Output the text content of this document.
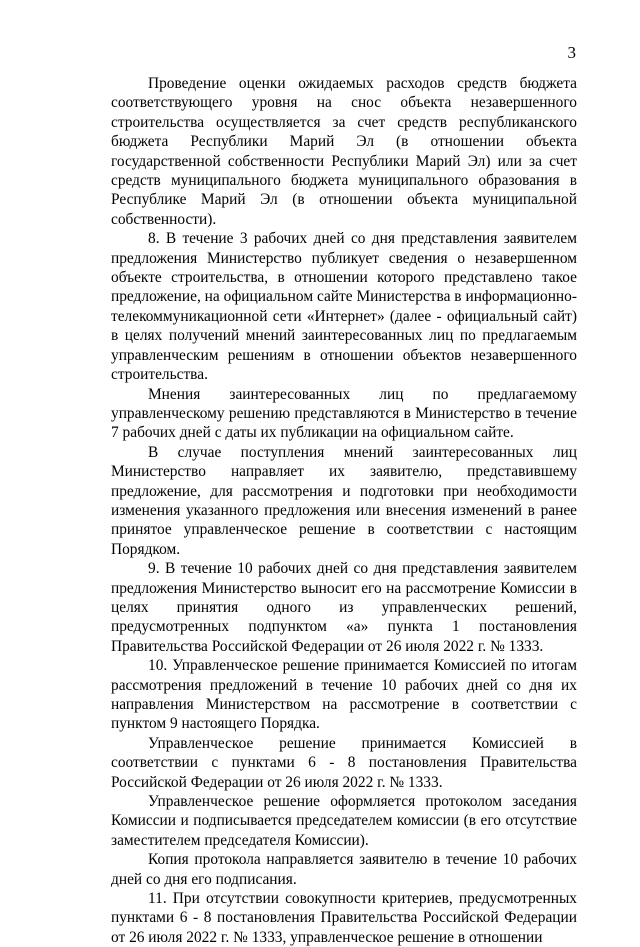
3

Проведение оценки ожидаемых расходов средств бюджета соответствующего уровня на снос объекта незавершенного строительства осуществляется за счет средств республиканского бюджета Республики Марий Эл (в отношении объекта государственной собственности Республики Марий Эл) или за счет средств муниципального бюджета муниципального образования в Республике Марий Эл (в отношении объекта муниципальной собственности).

8. В течение 3 рабочих дней со дня представления заявителем предложения Министерство публикует сведения о незавершенном объекте строительства, в отношении которого представлено такое предложение, на официальном сайте Министерства в информационно-телекоммуникационной сети «Интернет» (далее - официальный сайт) в целях получений мнений заинтересованных лиц по предлагаемым управленческим решениям в отношении объектов незавершенного строительства.

Мнения заинтересованных лиц по предлагаемому управленческому решению представляются в Министерство в течение 7 рабочих дней с даты их публикации на официальном сайте.

В случае поступления мнений заинтересованных лиц Министерство направляет их заявителю, представившему предложение, для рассмотрения и подготовки при необходимости изменения указанного предложения или внесения изменений в ранее принятое управленческое решение в соответствии с настоящим Порядком.

9. В течение 10 рабочих дней со дня представления заявителем предложения Министерство выносит его на рассмотрение Комиссии в целях принятия одного из управленческих решений, предусмотренных подпунктом «а» пункта 1 постановления Правительства Российской Федерации от 26 июля 2022 г. № 1333.

10. Управленческое решение принимается Комиссией по итогам рассмотрения предложений в течение 10 рабочих дней со дня их направления Министерством на рассмотрение в соответствии с пунктом 9 настоящего Порядка.

Управленческое решение принимается Комиссией в соответствии с пунктами 6 - 8 постановления Правительства Российской Федерации от 26 июля 2022 г. № 1333.

Управленческое решение оформляется протоколом заседания Комиссии и подписывается председателем комиссии (в его отсутствие заместителем председателя Комиссии).

Копия протокола направляется заявителю в течение 10 рабочих дней со дня его подписания.

11. При отсутствии совокупности критериев, предусмотренных пунктами 6 - 8 постановления Правительства Российской Федерации от 26 июля 2022 г. № 1333, управленческое решение в отношении
